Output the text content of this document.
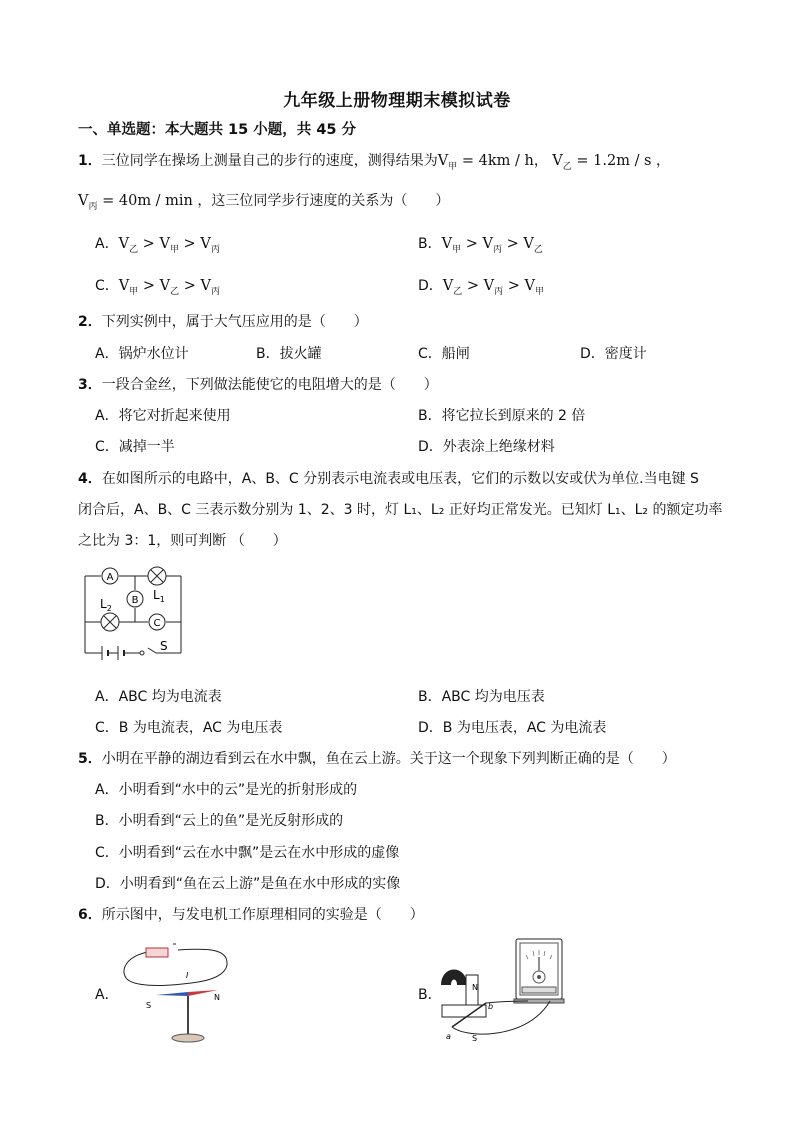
九年级上册物理期末模拟试卷
一、单选题：本大题共 15 小题，共 45 分
1．三位同学在操场上测量自己的步行的速度，测得结果为$V_甲 = 4km / h$， $V_乙 = 1.2m / s$ ，
$V_丙 = 40m / \min$ ，这三位同学步行速度的关系为（　　）
A．$V_乙 > V_甲 > V_丙$	B．$V_甲 > V_丙 > V_乙$
C．$V_甲 > V_乙 > V_丙$	D．$V_乙 > V_丙 > V_甲$
2．下列实例中，属于大气压应用的是（　　）
A．锅炉水位计	B．拔火罐	C．船闸	D．密度计
3．一段合金丝，下列做法能使它的电阻增大的是（　　）
A．将它对折起来使用	B．将它拉长到原来的 2 倍
C．减掉一半	D．外表涂上绝缘材料
4．在如图所示的电路中，A、B、C 分别表示电流表或电压表，它们的示数以安或伏为单位.当电键 S
闭合后，A、B、C 三表示数分别为 1、2、3 时，灯 L₁、L₂ 正好均正常发光。已知灯 L₁、L₂ 的额定功率
之比为 3：1，则可判断 （　　）
A
$L_1$
B
$L_2$
C
S
A．ABC 均为电流表	B．ABC 均为电压表
C．B 为电流表，AC 为电压表	D．B 为电压表，AC 为电流表
5．小明在平静的湖边看到云在水中飘，鱼在云上游。关于这一个现象下列判断正确的是（　　）
A．小明看到“水中的云”是光的折射形成的
B．小明看到“云上的鱼”是光反射形成的
C．小明看到“云在水中飘”是云在水中形成的虚像
D．小明看到“鱼在云上游”是鱼在水中形成的实像
6．所示图中，与发电机工作原理相同的实验是（　　）
A．
I
S
N	B．	N
S
a
b
